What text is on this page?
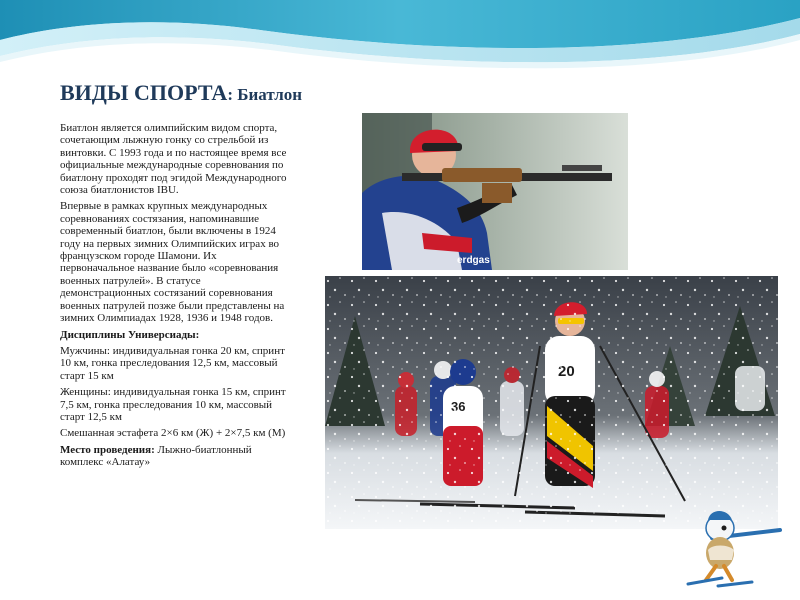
ВИДЫ СПОРТА: Биатлон

Биатлон является олимпийским видом спорта, сочетающим лыжную гонку со стрельбой из винтовки. С 1993 года и по настоящее время все официальные международные соревнования по биатлону проходят под эгидой Международного союза биатлонистов IBU.

Впервые в рамках крупных международных соревнованиях состязания, напоминавшие современный биатлон, были включены в 1924 году на первых зимних Олимпийских играх во французском городе Шамони. Их первоначальное название было «соревнования военных патрулей». В статусе демонстрационных состязаний соревнования военных патрулей позже были представлены на зимних Олимпиадах 1928, 1936 и 1948 годов.

Дисциплины Универсиады:

Мужчины: индивидуальная гонка 20 км, спринт 10 км, гонка преследования 12,5 км, массовый старт 15 км

Женщины: индивидуальная гонка 15 км, спринт 7,5 км, гонка преследования 10 км, массовый старт 12,5 км

Смешанная эстафета 2×6 км (Ж) + 2×7,5 км (М)

Место проведения: Лыжно-биатлонный комплекс «Алатау»

erdgas
